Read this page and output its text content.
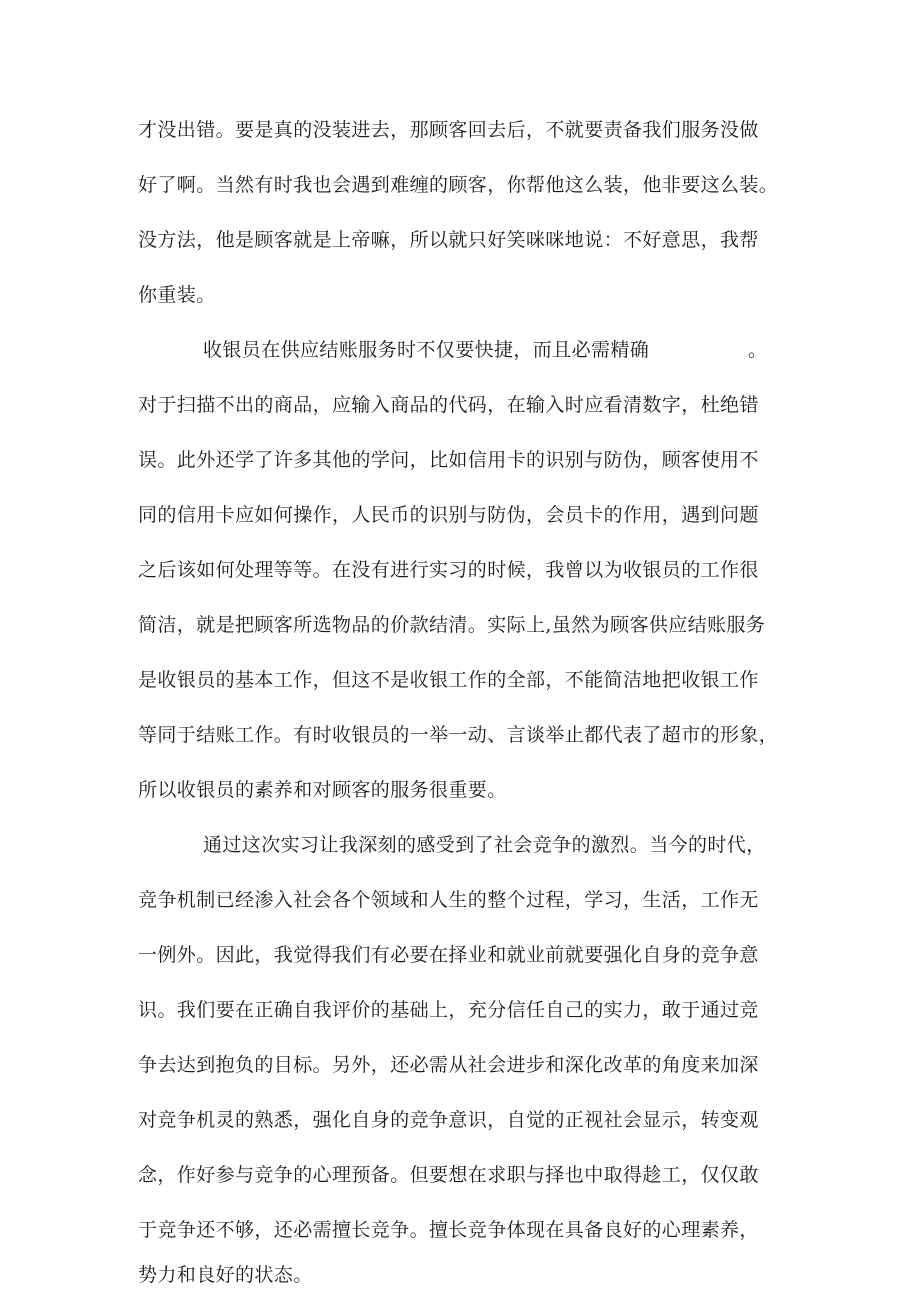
才没出错。要是真的没装进去，那顾客回去后，不就要责备我们服务没做
好了啊。当然有时我也会遇到难缠的顾客，你帮他这么装，他非要这么装。
没方法，他是顾客就是上帝嘛，所以就只好笑咪咪地说：不好意思，我帮
你重装。
收银员在供应结账服务时不仅要快捷，而且必需精确	。
对于扫描不出的商品，应输入商品的代码，在输入时应看清数字，杜绝错
误。此外还学了许多其他的学问，比如信用卡的识别与防伪，顾客使用不
同的信用卡应如何操作，人民币的识别与防伪，会员卡的作用，遇到问题
之后该如何处理等等。在没有进行实习的时候，我曾以为收银员的工作很
简洁，就是把顾客所选物品的价款结清。实际上,虽然为顾客供应结账服务
是收银员的基本工作，但这不是收银工作的全部，不能简洁地把收银工作
等同于结账工作。有时收银员的一举一动、言谈举止都代表了超市的形象，
所以收银员的素养和对顾客的服务很重要。
通过这次实习让我深刻的感受到了社会竞争的激烈。当今的时代，
竞争机制已经渗入社会各个领域和人生的整个过程，学习，生活，工作无
一例外。因此，我觉得我们有必要在择业和就业前就要强化自身的竞争意
识。我们要在正确自我评价的基础上，充分信任自己的实力，敢于通过竞
争去达到抱负的目标。另外，还必需从社会进步和深化改革的角度来加深
对竞争机灵的熟悉，强化自身的竞争意识，自觉的正视社会显示，转变观
念，作好参与竞争的心理预备。但要想在求职与择也中取得趁工，仅仅敢
于竞争还不够，还必需擅长竞争。擅长竞争体现在具备良好的心理素养，
势力和良好的状态。
